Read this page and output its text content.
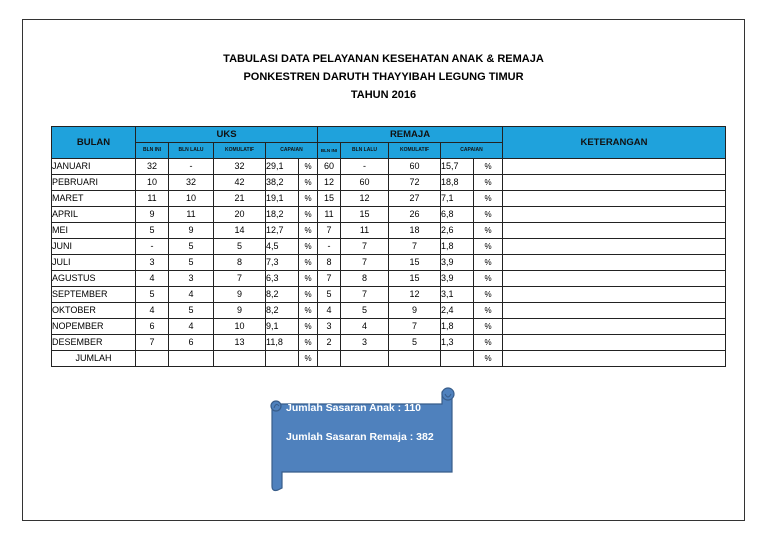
TABULASI DATA PELAYANAN KESEHATAN ANAK & REMAJA
PONKESTREN DARUTH THAYYIBAH LEGUNG TIMUR
TAHUN 2016
BULAN	UKS					REMAJA					KETERANGAN
	BLN INI	BLN LALU	KOMULATIF	CAPAIAN		BLN INI	BLN LALU	KOMULATIF	CAPAIAN		
JANUARI	32	-	32	29,1	%	60	-	60	15,7	%	
PEBRUARI	10	32	42	38,2	%	12	60	72	18,8	%	
MARET	11	10	21	19,1	%	15	12	27	7,1	%	
APRIL	9	11	20	18,2	%	11	15	26	6,8	%	
MEI	5	9	14	12,7	%	7	11	18	2,6	%	
JUNI	-	5	5	4,5	%	-	7	7	1,8	%	
JULI	3	5	8	7,3	%	8	7	15	3,9	%	
AGUSTUS	4	3	7	6,3	%	7	8	15	3,9	%	
SEPTEMBER	5	4	9	8,2	%	5	7	12	3,1	%	
OKTOBER	4	5	9	8,2	%	4	5	9	2,4	%	
NOPEMBER	6	4	10	9,1	%	3	4	7	1,8	%	
DESEMBER	7	6	13	11,8	%	2	3	5	1,3	%	
JUMLAH					%					%	
Jumlah Sasaran Anak : 110
Jumlah Sasaran Remaja : 382
